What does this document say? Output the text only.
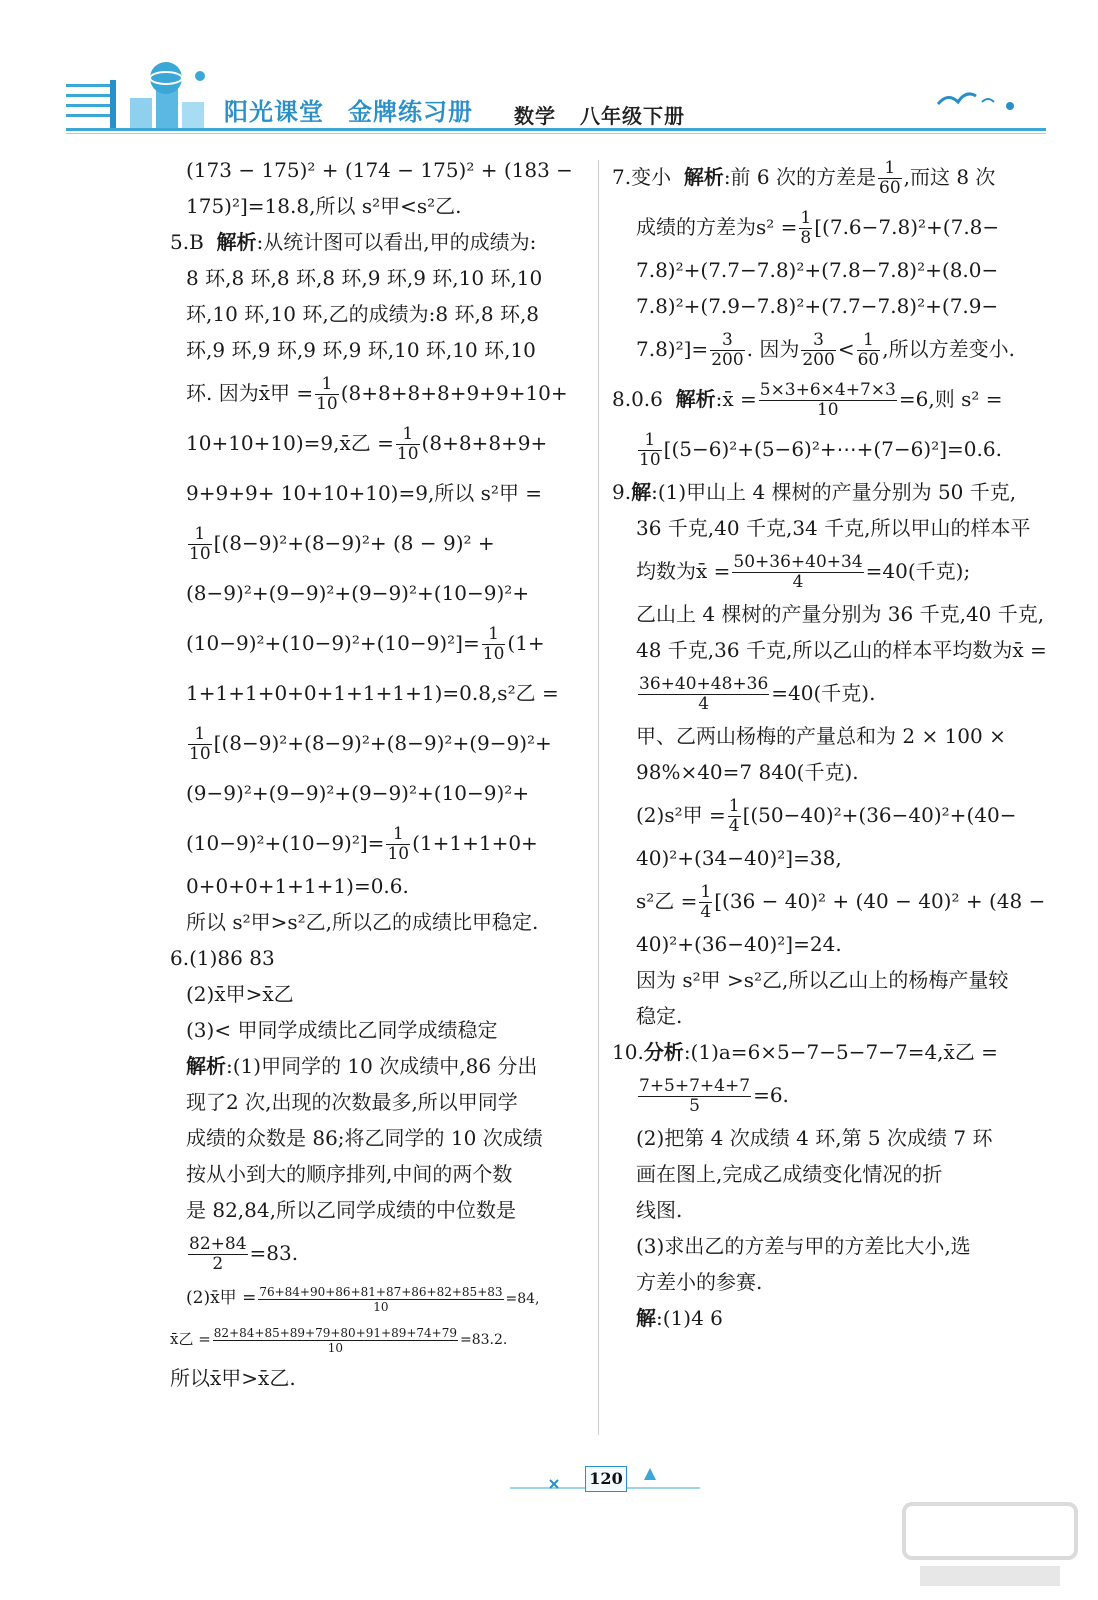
阳光课堂 金牌练习册 数学 八年级下册
(173 − 175)² + (174 − 175)² + (183 −
175)²]=18.8,所以 s²甲<s²乙.
5.B 解析:从统计图可以看出,甲的成绩为:
8 环,8 环,8 环,8 环,9 环,9 环,10 环,10
环,10 环,10 环,乙的成绩为:8 环,8 环,8
环,9 环,9 环,9 环,9 环,10 环,10 环,10
环. 因为x̄甲 = $\frac{1}{10} (8+8+8+8+9+9+10+$
10+10+10)=9,x̄乙 = $\frac{1}{10} (8+8+8+9+$
9+9+9+ 10+10+10)=9,所以 s²甲 =
$\frac{1}{10} [(8-9)^2+(8-9)^2+ (8 - 9)^2$ +
(8−9)²+(9−9)²+(9−9)²+(10−9)²+
$(10-9)^2+(10-9)^2+(10-9)^2]= \frac{1}{10} (1+$
1+1+1+0+0+1+1+1+1)=0.8,s²乙 =
$\frac{1}{10} [(8-9)^2+(8-9)^2+(8-9)^2+(9-9)^2+$
(9−9)²+(9−9)²+(9−9)²+(10−9)²+
$(10-9)^2+(10-9)^2]= \frac{1}{10} (1+1+1+0+$
0+0+0+1+1+1)=0.6.
所以 s²甲>s²乙,所以乙的成绩比甲稳定.
6.(1)86 83
(2)x̄甲>x̄乙
(3)< 甲同学成绩比乙同学成绩稳定
解析:(1)甲同学的 10 次成绩中,86 分出
现了2 次,出现的次数最多,所以甲同学
成绩的众数是 86;将乙同学的 10 次成绩
按从小到大的顺序排列,中间的两个数
是 82,84,所以乙同学成绩的中位数是
$\frac{82+84}{2} =83$.
(2)x̄甲 = $\frac{76+84+90+86+81+87+86+82+85+83}{10} =84$,
x̄乙 = $\frac{82+84+85+89+79+80+91+89+74+79}{10} =83.2$.
所以x̄甲>x̄乙.
7.变小 解析:前 6 次的方差是 $\frac{1}{60}$ ,而这 8 次
成绩的方差为$s^2 = \frac{1}{8} [(7.6-7.8)^2+(7.8-$
7.8)²+(7.7−7.8)²+(7.8−7.8)²+(8.0−
7.8)²+(7.9−7.8)²+(7.7−7.8)²+(7.9−
$7.8)^2]= \frac{3}{200}$ . 因为 $\frac{3}{200} < \frac{1}{60}$ ,所以方差变小.
8.0.6 解析:x̄ = $\frac{5\times 3+6\times 4+7\times 3}{10} =6$,则 s² =
$\frac{1}{10}$ [(5−6)²+(5−6)²+⋯+(7−6)²]=0.6.
9.解:(1)甲山上 4 棵树的产量分别为 50 千克,
36 千克,40 千克,34 千克,所以甲山的样本平
均数为x̄ = $\frac{50+36+40+34}{4} =40$(千克);
乙山上 4 棵树的产量分别为 36 千克,40 千克,
48 千克,36 千克,所以乙山的样本平均数为x̄ =
$\frac{36+40+48+36}{4} =40$(千克).
甲、乙两山杨梅的产量总和为 2 × 100 ×
98%×40=7 840(千克).
(2)s²甲 = $\frac{1}{4} [(50-40)^2+(36-40)^2+(40-$
40)²+(34−40)²]=38,
s²乙 = $\frac{1}{4} [(36 - 40)^2 + (40 - 40)^2 + (48$ −
40)²+(36−40)²]=24.
因为 s²甲 >s²乙,所以乙山上的杨梅产量较
稳定.
10.分析:(1)a=6×5−7−5−7−7=4,x̄乙 =
$\frac{7+5+7+4+7}{5} =6$.
(2)把第 4 次成绩 4 环,第 5 次成绩 7 环
画在图上,完成乙成绩变化情况的折
线图.
(3)求出乙的方差与甲的方差比大小,选
方差小的参赛.
解:(1)4 6
120
